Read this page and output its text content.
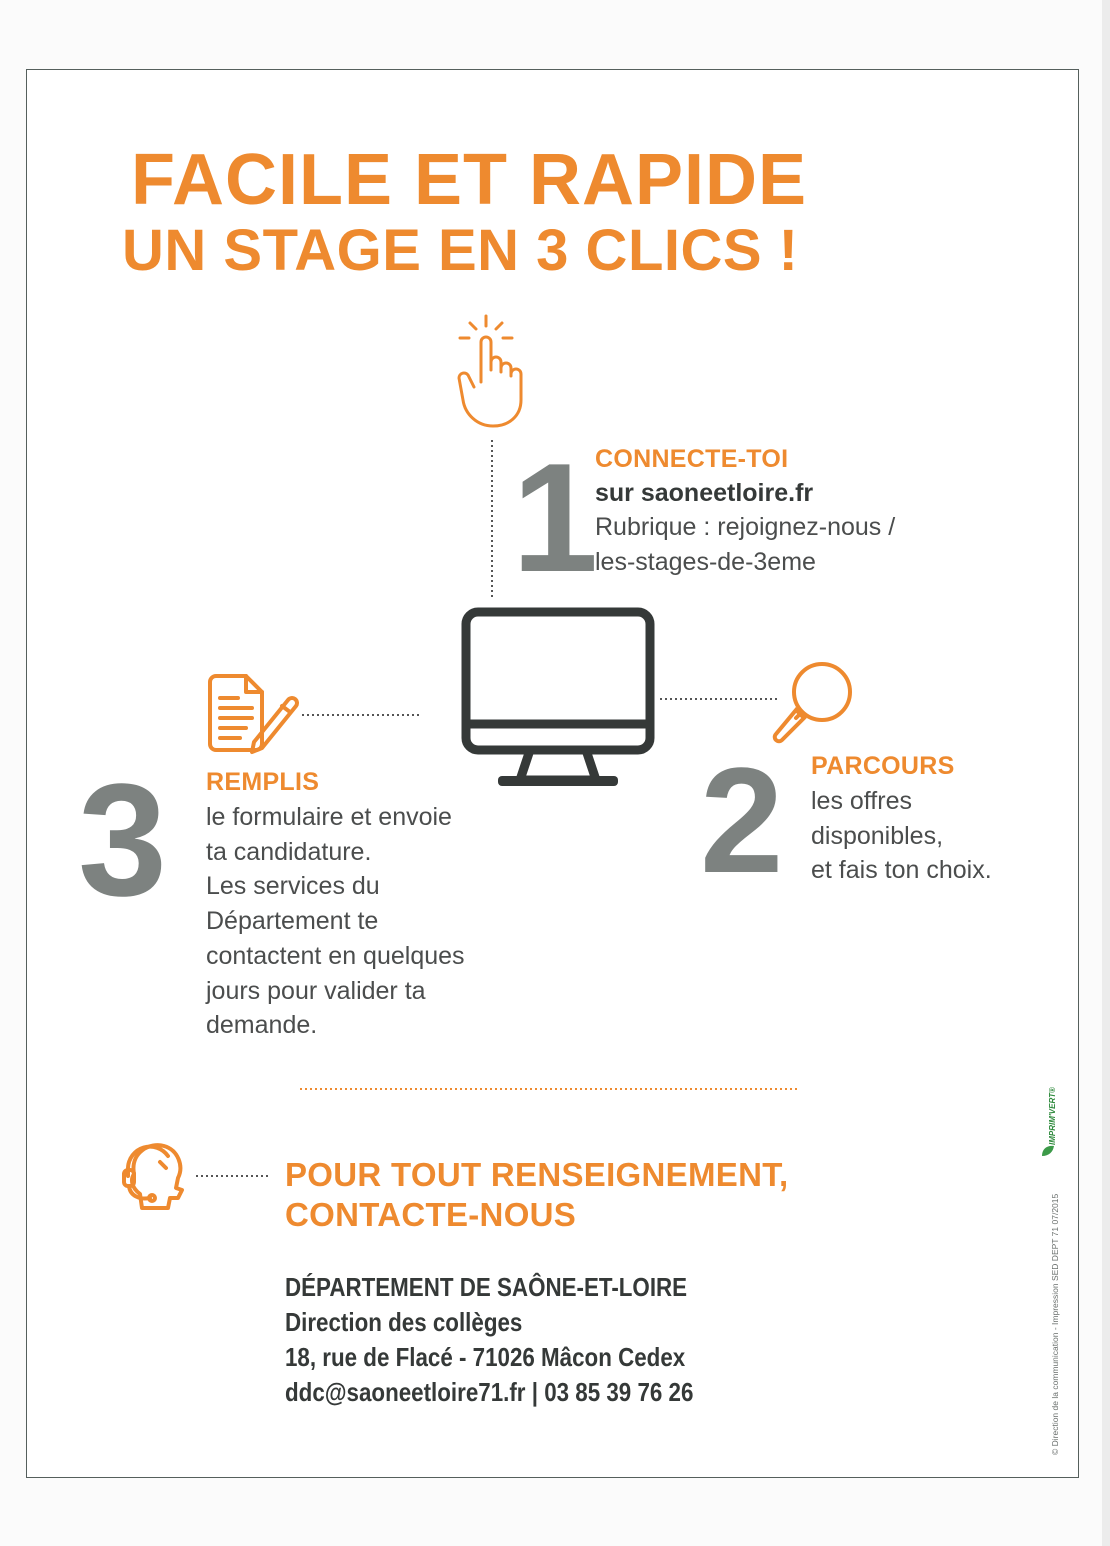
FACILE ET RAPIDE
UN STAGE EN 3 CLICS !
1 CONNECTE-TOI
sur saoneetloire.fr
Rubrique : rejoignez-nous /
les-stages-de-3eme
2 PARCOURS
les offres
disponibles,
et fais ton choix.
3 REMPLIS
le formulaire et envoie
ta candidature.
Les services du
Département te
contactent en quelques
jours pour valider ta
demande.
POUR TOUT RENSEIGNEMENT,
CONTACTE-NOUS
DÉPARTEMENT DE SAÔNE-ET-LOIRE
Direction des collèges
18, rue de Flacé - 71026 Mâcon Cedex
ddc@saoneetloire71.fr | 03 85 39 76 26	© Direction de la communication - Impression SED DEPT 71 07/2015
IMPRIM'VERT®
